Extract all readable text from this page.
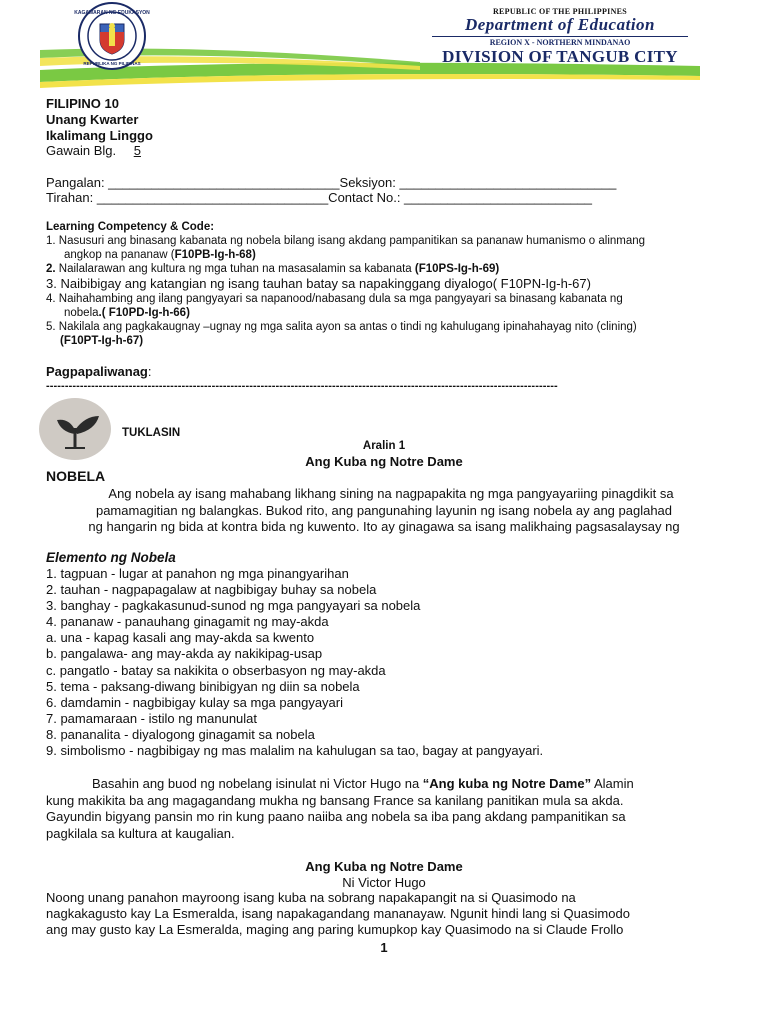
KAGAWARAN NG EDUKASYON
REPUBLIKA NG PILIPINAS
REPUBLIC OF THE PHILIPPINES
Department of Education
REGION X - NORTHERN MINDANAO
DIVISION OF TANGUB CITY
FILIPINO 10
Unang Kwarter
Ikalimang Linggo
Gawain Blg. 5
Pangalan: ________________________________Seksiyon: ______________________________
Tirahan: ________________________________Contact No.: __________________________
Learning Competency & Code:
1. Nasusuri ang binasang kabanata ng nobela bilang isang akdang pampanitikan sa pananaw humanismo o alinmang
angkop na pananaw (F10PB-Ig-h-68)
2. Nailalarawan ang kultura ng mga tuhan na masasalamin sa kabanata (F10PS-Ig-h-69)
3. Naibibigay ang katangian ng isang tauhan batay sa napakinggang diyalogo( F10PN-Ig-h-67)
4. Naihahambing ang ilang pangyayari sa napanood/nabasang dula sa mga pangyayari sa binasang kabanata ng
nobela.( F10PD-Ig-h-66)
5. Nakilala ang pagkakaugnay –ugnay ng mga salita ayon sa antas o tindi ng kahulugang ipinahahayag nito (clining)
(F10PT-Ig-h-67)
Pagpapaliwanag:
----------------------------------------------------------------------------------------------------------------------------------------
TUKLASIN
Aralin 1
Ang Kuba ng Notre Dame
NOBELA
Ang nobela ay isang mahabang likhang sining na nagpapakita ng mga pangyayariing pinagdikit sa
pamamagitian ng balangkas. Bukod rito, ang pangunahing layunin ng isang nobela ay ang paglahad
ng hangarin ng bida at kontra bida ng kuwento. Ito ay ginagawa sa isang malikhaing pagsasalaysay ng
Elemento ng Nobela
1. tagpuan - lugar at panahon ng mga pinangyarihan
2. tauhan - nagpapagalaw at nagbibigay buhay sa nobela
3. banghay - pagkakasunud-sunod ng mga pangyayari sa nobela
4. pananaw - panauhang ginagamit ng may-akda
a. una - kapag kasali ang may-akda sa kwento
b. pangalawa- ang may-akda ay nakikipag-usap
c. pangatlo - batay sa nakikita o obserbasyon ng may-akda
5. tema - paksang-diwang binibigyan ng diin sa nobela
6. damdamin - nagbibigay kulay sa mga pangyayari
7. pamamaraan - istilo ng manunulat
8. pananalita - diyalogong ginagamit sa nobela
9. simbolismo - nagbibigay ng mas malalim na kahulugan sa tao, bagay at pangyayari.
Basahin ang buod ng nobelang isinulat ni Victor Hugo na “Ang kuba ng Notre Dame” Alamin
kung makikita ba ang magagandang mukha ng bansang France sa kanilang panitikan mula sa akda.
Gayundin bigyang pansin mo rin kung paano naiiba ang nobela sa iba pang akdang pampanitikan sa
pagkilala sa kultura at kaugalian.
Ang Kuba ng Notre Dame
Ni Victor Hugo
Noong unang panahon mayroong isang kuba na sobrang napakapangit na si Quasimodo na
nagkakagusto kay La Esmeralda, isang napakagandang mananayaw. Ngunit hindi lang si Quasimodo
ang may gusto kay La Esmeralda, maging ang paring kumupkop kay Quasimodo na si Claude Frollo
1
